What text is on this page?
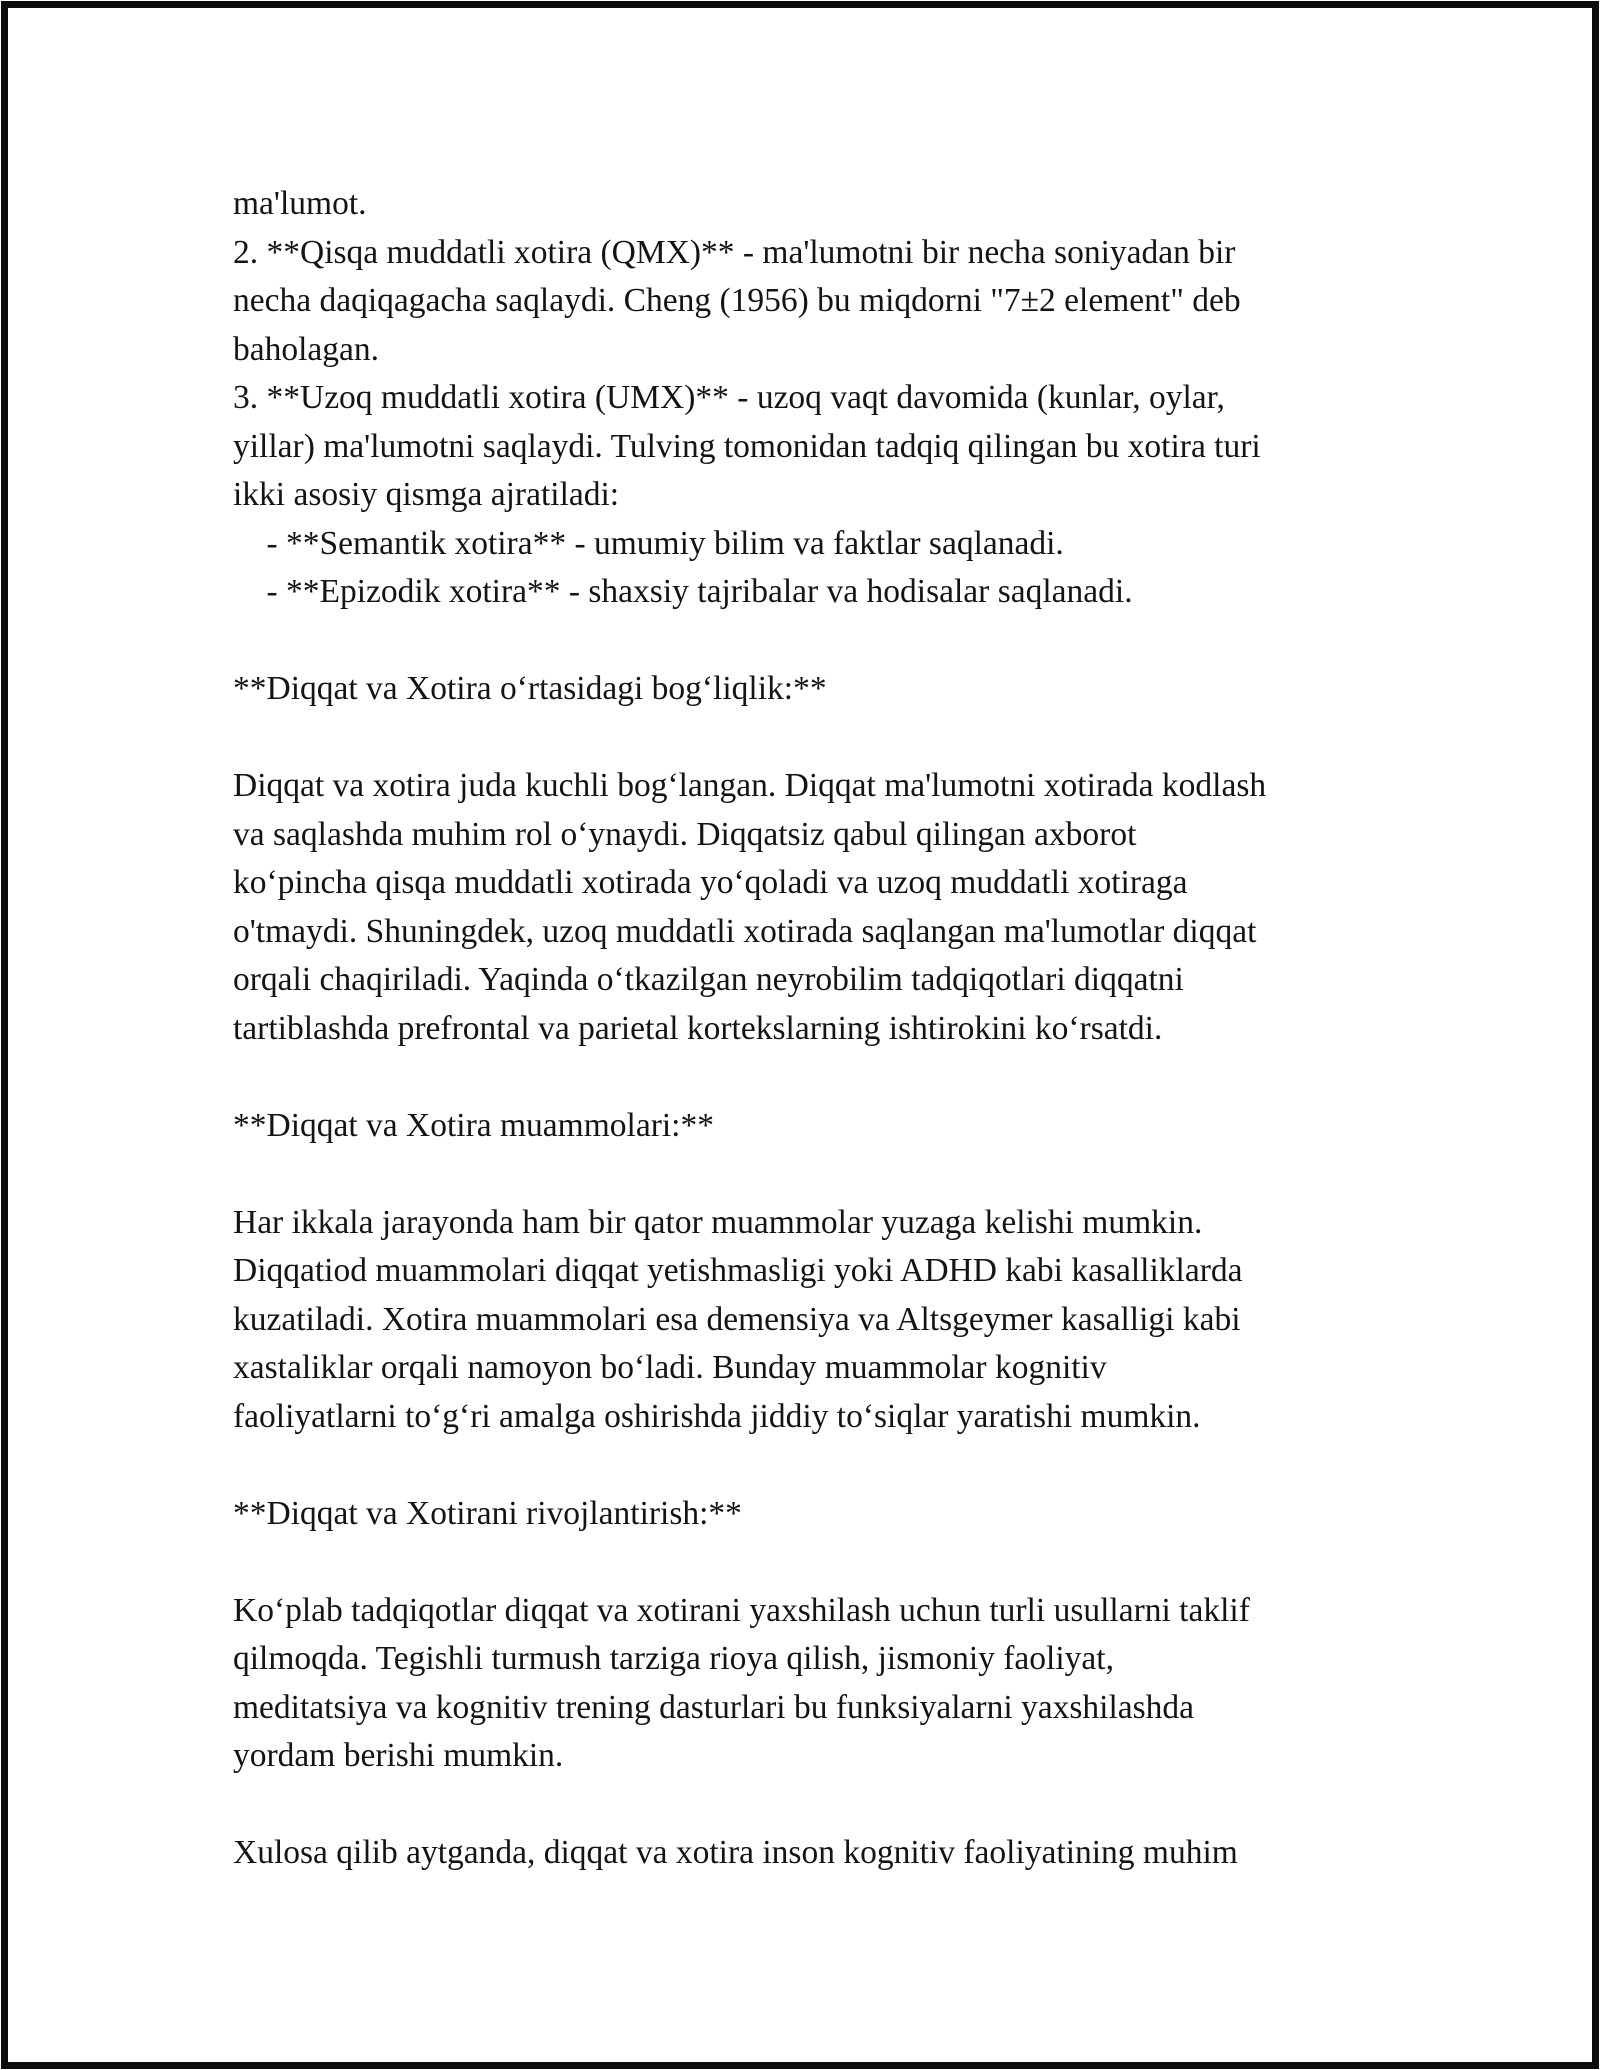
ma'lumot.
2. **Qisqa muddatli xotira (QMX)** - ma'lumotni bir necha soniyadan bir
necha daqiqagacha saqlaydi. Cheng (1956) bu miqdorni "7±2 element" deb
baholagan.
3. **Uzoq muddatli xotira (UMX)** - uzoq vaqt davomida (kunlar, oylar,
yillar) ma'lumotni saqlaydi. Tulving tomonidan tadqiq qilingan bu xotira turi
ikki asosiy qismga ajratiladi:
- **Semantik xotira** - umumiy bilim va faktlar saqlanadi.
- **Epizodik xotira** - shaxsiy tajribalar va hodisalar saqlanadi.
**Diqqat va Xotira o‘rtasidagi bog‘liqlik:**
Diqqat va xotira juda kuchli bog‘langan. Diqqat ma'lumotni xotirada kodlash
va saqlashda muhim rol o‘ynaydi. Diqqatsiz qabul qilingan axborot
ko‘pincha qisqa muddatli xotirada yo‘qoladi va uzoq muddatli xotiraga
o'tmaydi. Shuningdek, uzoq muddatli xotirada saqlangan ma'lumotlar diqqat
orqali chaqiriladi. Yaqinda o‘tkazilgan neyrobilim tadqiqotlari diqqatni
tartiblashda prefrontal va parietal kortekslarning ishtirokini ko‘rsatdi.
**Diqqat va Xotira muammolari:**
Har ikkala jarayonda ham bir qator muammolar yuzaga kelishi mumkin.
Diqqatiod muammolari diqqat yetishmasligi yoki ADHD kabi kasalliklarda
kuzatiladi. Xotira muammolari esa demensiya va Altsgeymer kasalligi kabi
xastaliklar orqali namoyon bo‘ladi. Bunday muammolar kognitiv
faoliyatlarni to‘g‘ri amalga oshirishda jiddiy to‘siqlar yaratishi mumkin.
**Diqqat va Xotirani rivojlantirish:**
Ko‘plab tadqiqotlar diqqat va xotirani yaxshilash uchun turli usullarni taklif
qilmoqda. Tegishli turmush tarziga rioya qilish, jismoniy faoliyat,
meditatsiya va kognitiv trening dasturlari bu funksiyalarni yaxshilashda
yordam berishi mumkin.
Xulosa qilib aytganda, diqqat va xotira inson kognitiv faoliyatining muhim
